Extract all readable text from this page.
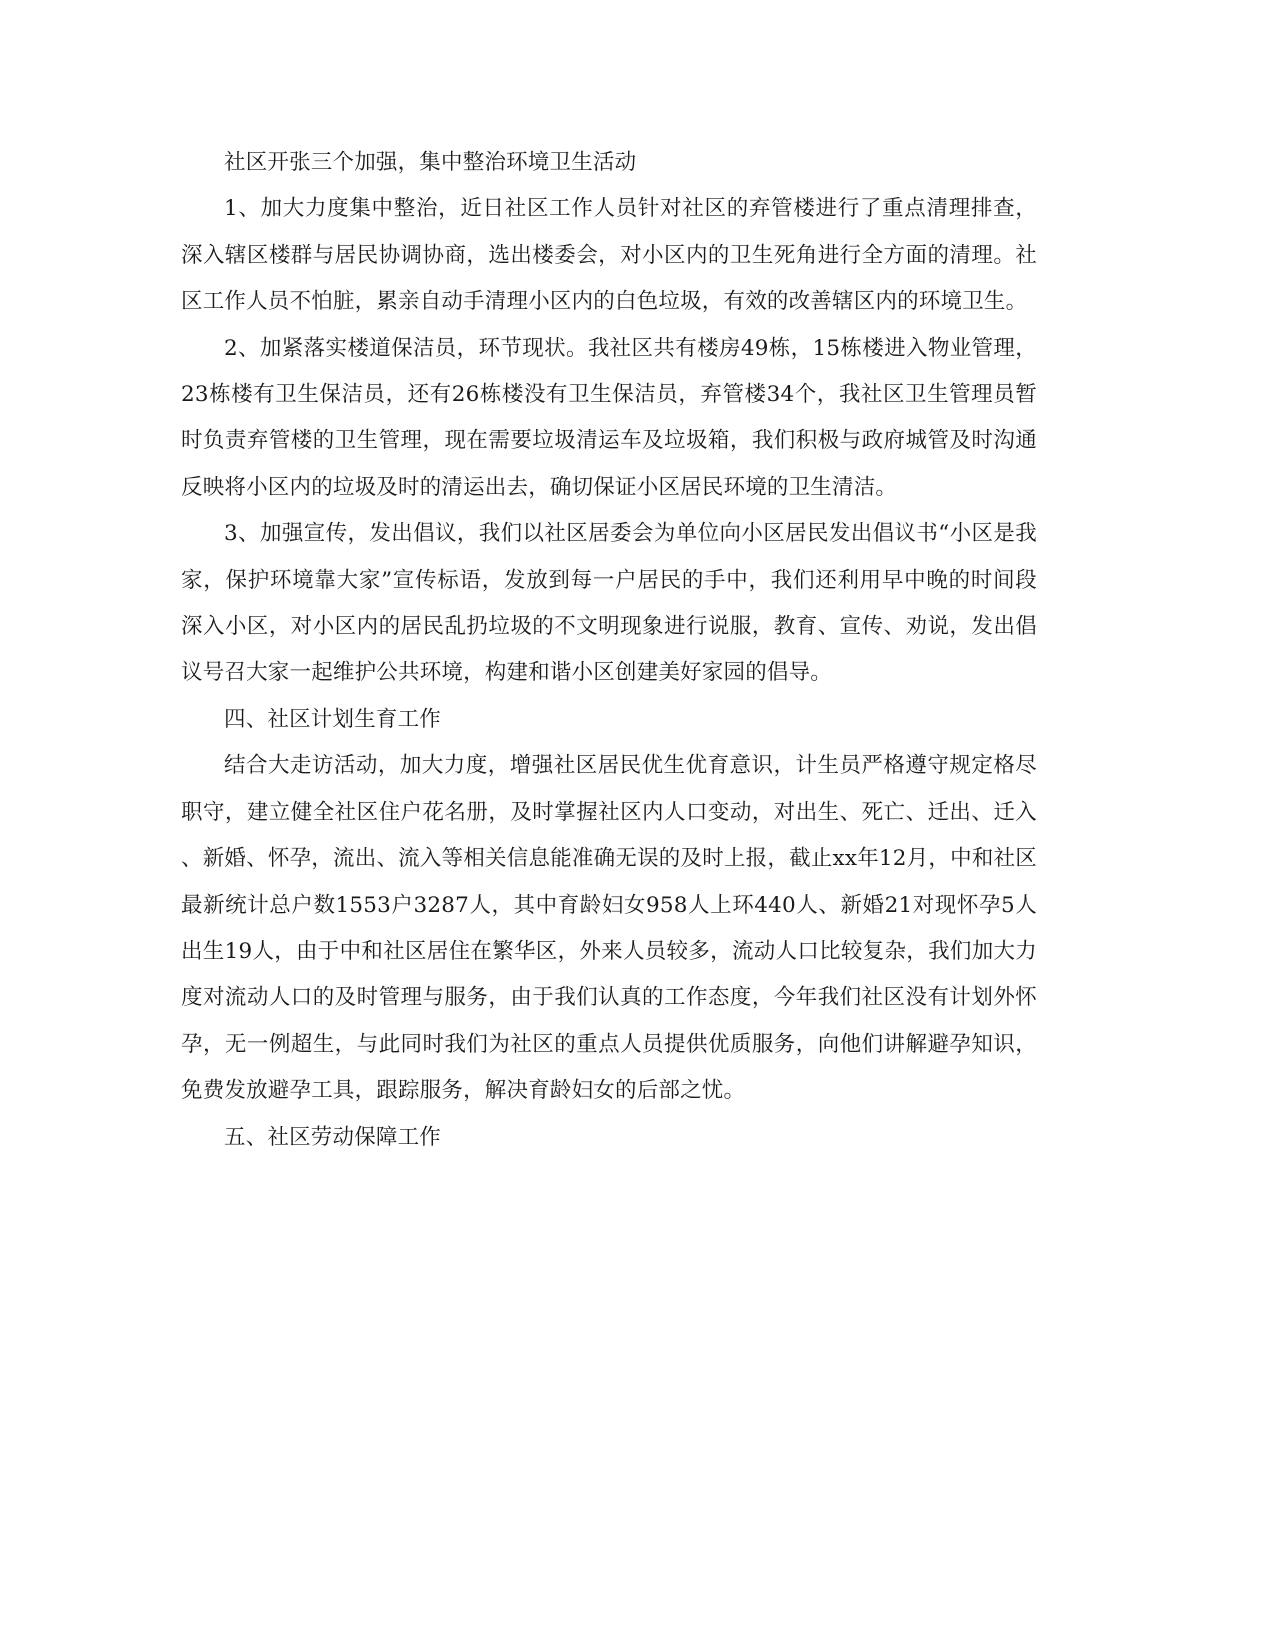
社区开张三个加强，集中整治环境卫生活动

1、加大力度集中整治，近日社区工作人员针对社区的弃管楼进行了重点清理排查，深入辖区楼群与居民协调协商，选出楼委会，对小区内的卫生死角进行全方面的清理。社区工作人员不怕脏，累亲自动手清理小区内的白色垃圾，有效的改善辖区内的环境卫生。

2、加紧落实楼道保洁员，环节现状。我社区共有楼房49栋，15栋楼进入物业管理，23栋楼有卫生保洁员，还有26栋楼没有卫生保洁员，弃管楼34个，我社区卫生管理员暂时负责弃管楼的卫生管理，现在需要垃圾清运车及垃圾箱，我们积极与政府城管及时沟通反映将小区内的垃圾及时的清运出去，确切保证小区居民环境的卫生清洁。

3、加强宣传，发出倡议，我们以社区居委会为单位向小区居民发出倡议书“小区是我家，保护环境靠大家”宣传标语，发放到每一户居民的手中，我们还利用早中晚的时间段深入小区，对小区内的居民乱扔垃圾的不文明现象进行说服，教育、宣传、劝说，发出倡议号召大家一起维护公共环境，构建和谐小区创建美好家园的倡导。

四、社区计划生育工作

结合大走访活动，加大力度，增强社区居民优生优育意识，计生员严格遵守规定格尽职守，建立健全社区住户花名册，及时掌握社区内人口变动，对出生、死亡、迁出、迁入、新婚、怀孕，流出、流入等相关信息能准确无误的及时上报，截止xx年12月，中和社区最新统计总户数1553户3287人，其中育龄妇女958人上环440人、新婚21对现怀孕5人出生19人，由于中和社区居住在繁华区，外来人员较多，流动人口比较复杂，我们加大力度对流动人口的及时管理与服务，由于我们认真的工作态度，今年我们社区没有计划外怀孕，无一例超生，与此同时我们为社区的重点人员提供优质服务，向他们讲解避孕知识，免费发放避孕工具，跟踪服务，解决育龄妇女的后部之忧。

五、社区劳动保障工作
